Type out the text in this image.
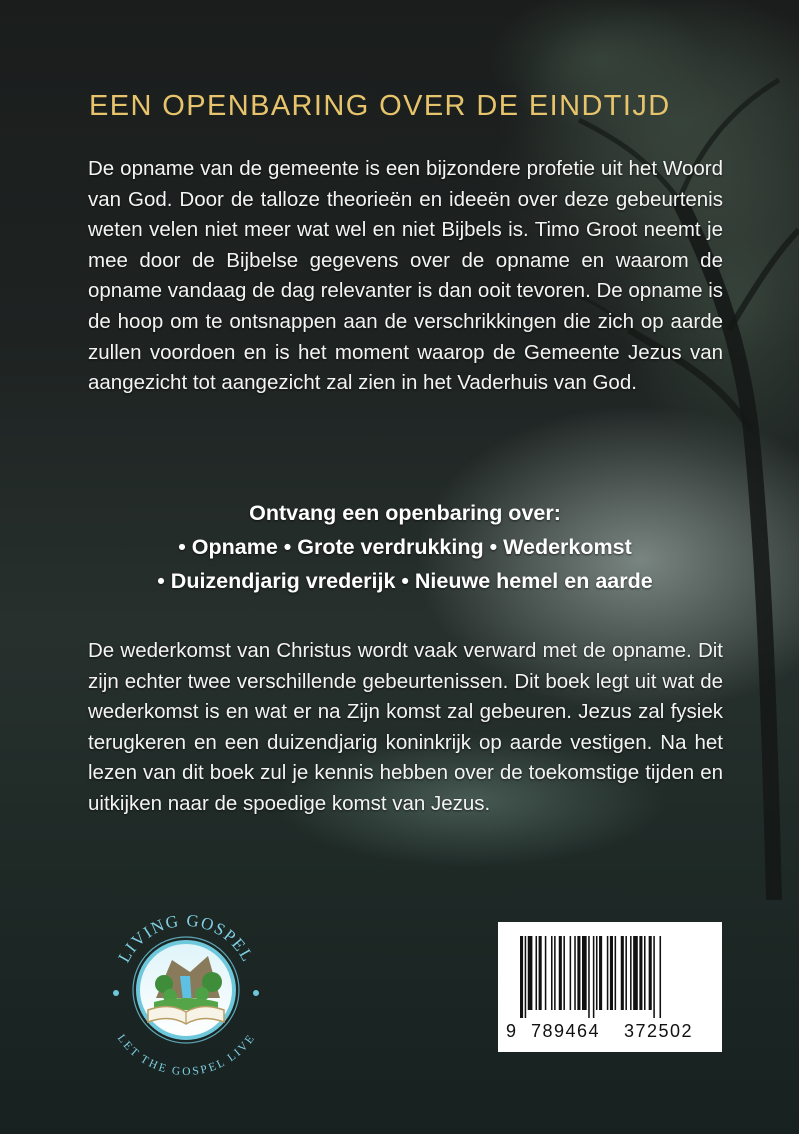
EEN OPENBARING OVER DE EINDTIJD

De opname van de gemeente is een bijzondere profetie uit het Woord van God. Door de talloze theorieën en ideeën over deze gebeurtenis weten velen niet meer wat wel en niet Bijbels is. Timo Groot neemt je mee door de Bijbelse gegevens over de opname en waarom de opname vandaag de dag relevanter is dan ooit tevoren. De opname is de hoop om te ontsnappen aan de verschrikkingen die zich op aarde zullen voordoen en is het moment waarop de Gemeente Jezus van aangezicht tot aangezicht zal zien in het Vaderhuis van God.

Ontvang een openbaring over:
• Opname • Grote verdrukking • Wederkomst
• Duizendjarig vrederijk • Nieuwe hemel en aarde

De wederkomst van Christus wordt vaak verward met de opname. Dit zijn echter twee verschillende gebeurtenissen. Dit boek legt uit wat de wederkomst is en wat er na Zijn komst zal gebeuren. Jezus zal fysiek terugkeren en een duizendjarig koninkrijk op aarde vestigen. Na het lezen van dit boek zul je kennis hebben over de toekomstige tijden en uitkijken naar de spoedige komst van Jezus.

LIVING GOSPEL
LET THE GOSPEL LIVE	9 789464 372502
